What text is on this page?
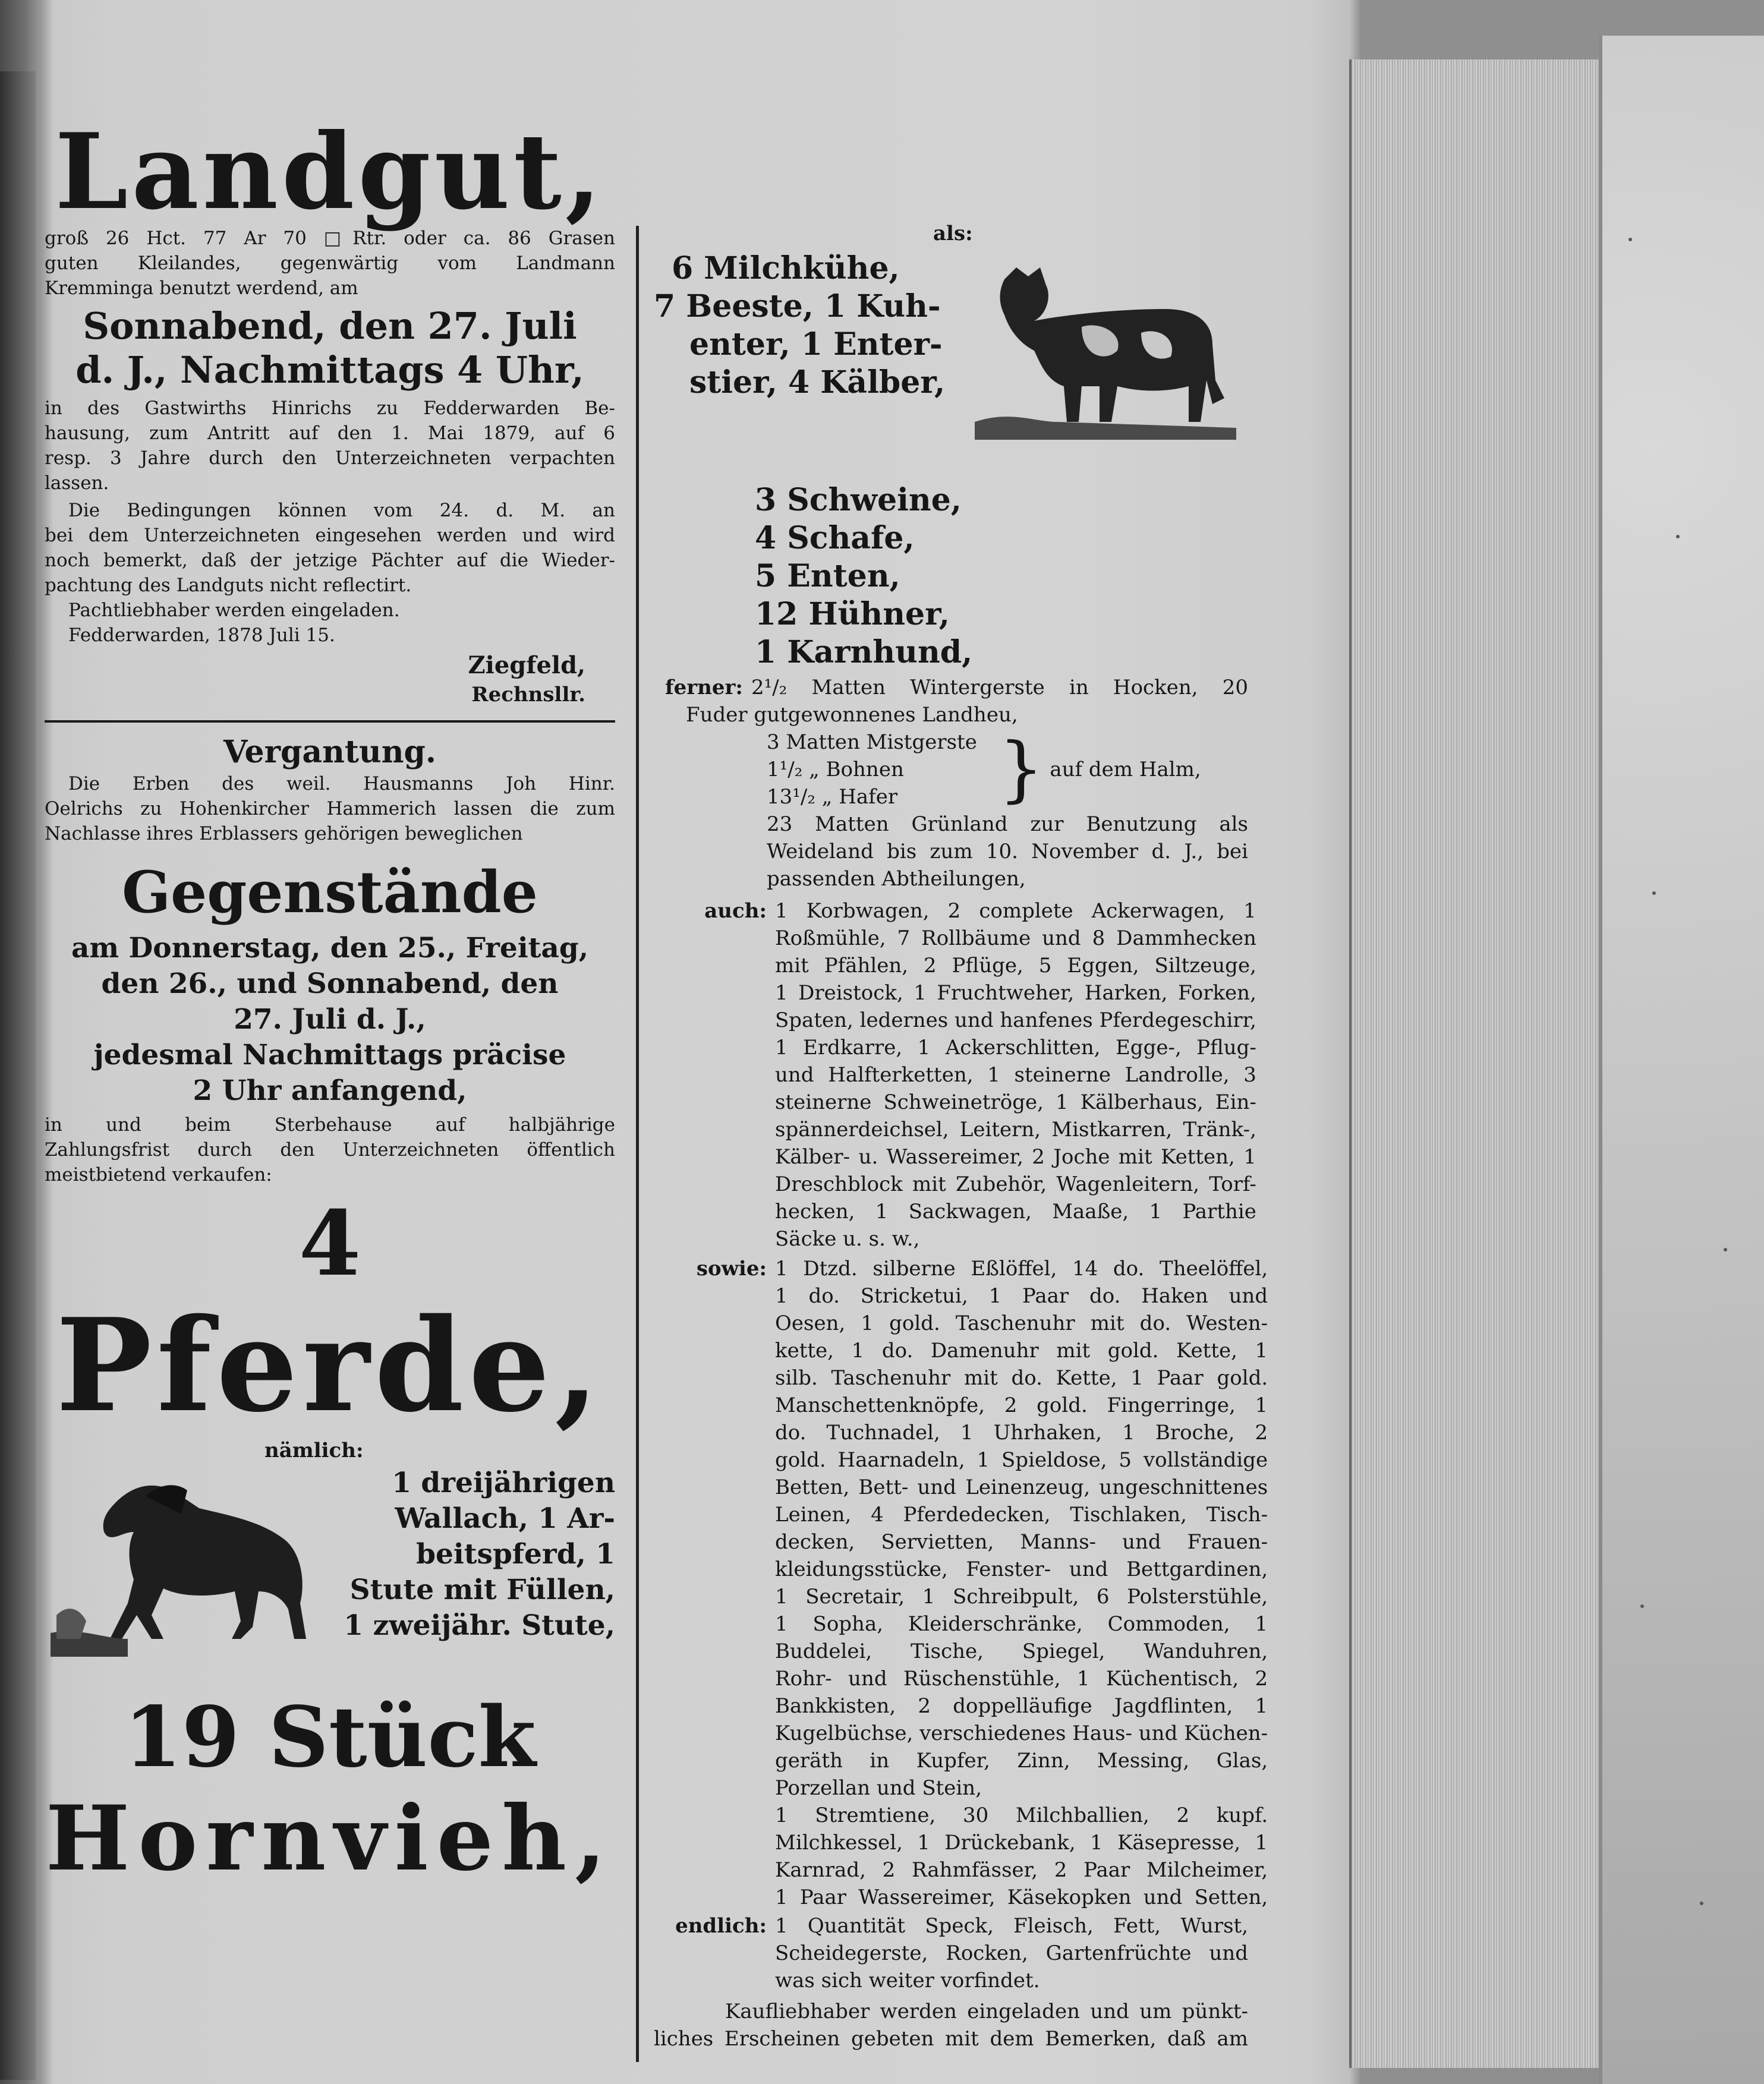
Landgut,
groß 26 Hct. 77 Ar 70 □Rtr. oder ca. 86 Grasen
guten Kleilandes, gegenwärtig vom Landmann
Kremminga benutzt werdend, am
Sonnabend, den 27. Juli
d. J., Nachmittags 4 Uhr,
in des Gastwirths Hinrichs zu Fedderwarden Be-
hausung, zum Antritt auf den 1. Mai 1879, auf 6
resp. 3 Jahre durch den Unterzeichneten verpachten
lassen.
Die Bedingungen können vom 24. d. M. an
bei dem Unterzeichneten eingesehen werden und wird
noch bemerkt, daß der jetzige Pächter auf die Wieder-
pachtung des Landguts nicht reflectirt.
Pachtliebhaber werden eingeladen.
Fedderwarden, 1878 Juli 15.
Ziegfeld,
Rechnsllr.
Vergantung.
Die Erben des weil. Hausmanns Joh Hinr.
Oelrichs zu Hohenkircher Hammerich lassen die zum
Nachlasse ihres Erblassers gehörigen beweglichen
Gegenstände
am Donnerstag, den 25., Freitag,
den 26., und Sonnabend, den
27. Juli d. J.,
jedesmal Nachmittags präcise
2 Uhr anfangend,
in und beim Sterbehause auf halbjährige
Zahlungsfrist durch den Unterzeichneten öffentlich
meistbietend verkaufen:
4
Pferde,
nämlich:
1 dreijährigen
Wallach, 1 Ar-
beitspferd, 1
Stute mit Füllen,
1 zweijähr. Stute,
19 Stück
Hornvieh,
als:
6 Milchkühe,
7 Beeste, 1 Kuh-
enter, 1 Enter-
stier, 4 Kälber,
3 Schweine,
4 Schafe,
5 Enten,
12 Hühner,
1 Karnhund,
ferner: 2¹/₂ Matten Wintergerste in Hocken, 20
Fuder gutgewonnenes Landheu,
3 Matten Mistgerste
1¹/₂ „ Bohnen
13¹/₂ „ Hafer	} auf dem Halm,
23 Matten Grünland zur Benutzung als
Weideland bis zum 10. November d. J., bei
passenden Abtheilungen,
auch: 1 Korbwagen, 2 complete Ackerwagen, 1
Roßmühle, 7 Rollbäume und 8 Dammhecken
mit Pfählen, 2 Pflüge, 5 Eggen, Siltzeuge,
1 Dreistock, 1 Fruchtweher, Harken, Forken,
Spaten, ledernes und hanfenes Pferdegeschirr,
1 Erdkarre, 1 Ackerschlitten, Egge-, Pflug-
und Halfterketten, 1 steinerne Landrolle, 3
steinerne Schweinetröge, 1 Kälberhaus, Ein-
spännerdeichsel, Leitern, Mistkarren, Tränk-,
Kälber- u. Wassereimer, 2 Joche mit Ketten, 1
Dreschblock mit Zubehör, Wagenleitern, Torf-
hecken, 1 Sackwagen, Maaße, 1 Parthie
Säcke u. s. w.,
sowie: 1 Dtzd. silberne Eßlöffel, 14 do. Theelöffel,
1 do. Stricketui, 1 Paar do. Haken und
Oesen, 1 gold. Taschenuhr mit do. Westen-
kette, 1 do. Damenuhr mit gold. Kette, 1
silb. Taschenuhr mit do. Kette, 1 Paar gold.
Manschettenknöpfe, 2 gold. Fingerringe, 1
do. Tuchnadel, 1 Uhrhaken, 1 Broche, 2
gold. Haarnadeln, 1 Spieldose, 5 vollständige
Betten, Bett- und Leinenzeug, ungeschnittenes
Leinen, 4 Pferdedecken, Tischlaken, Tisch-
decken, Servietten, Manns- und Frauen-
kleidungsstücke, Fenster- und Bettgardinen,
1 Secretair, 1 Schreibpult, 6 Polsterstühle,
1 Sopha, Kleiderschränke, Commoden, 1
Buddelei, Tische, Spiegel, Wanduhren,
Rohr- und Rüschenstühle, 1 Küchentisch, 2
Bankkisten, 2 doppelläufige Jagdflinten, 1
Kugelbüchse, verschiedenes Haus- und Küchen-
geräth in Kupfer, Zinn, Messing, Glas,
Porzellan und Stein,
1 Stremtiene, 30 Milchballien, 2 kupf.
Milchkessel, 1 Drückebank, 1 Käsepresse, 1
Karnrad, 2 Rahmfässer, 2 Paar Milcheimer,
1 Paar Wassereimer, Käsekopken und Setten,
endlich: 1 Quantität Speck, Fleisch, Fett, Wurst,
Scheidegerste, Rocken, Gartenfrüchte und
was sich weiter vorfindet.
Kaufliebhaber werden eingeladen und um pünkt-
liches Erscheinen gebeten mit dem Bemerken, daß am
